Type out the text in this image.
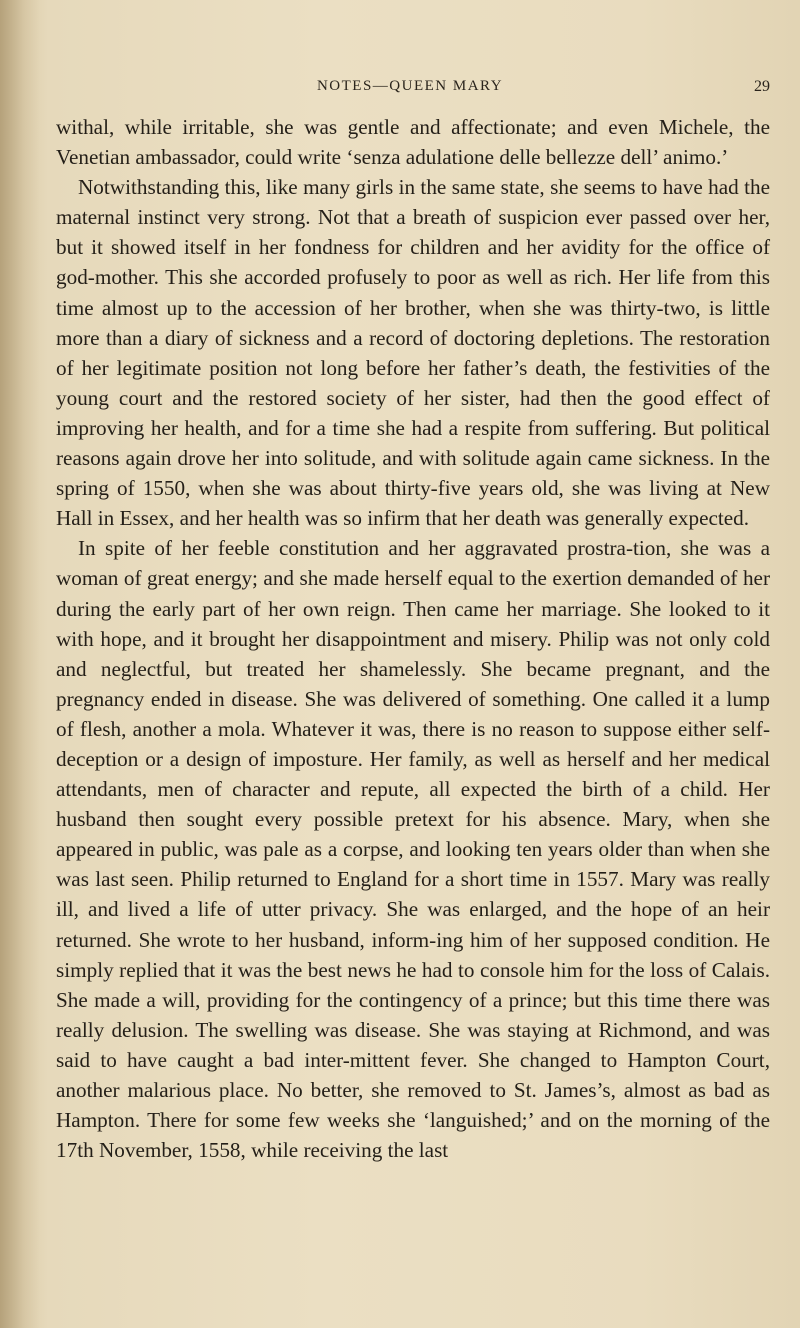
NOTES—QUEEN MARY	29

withal, while irritable, she was gentle and affectionate; and even Michele, the Venetian ambassador, could write ‘senza adulatione delle bellezze dell’ animo.’

Notwithstanding this, like many girls in the same state, she seems to have had the maternal instinct very strong. Not that a breath of suspicion ever passed over her, but it showed itself in her fondness for children and her avidity for the office of god-mother. This she accorded profusely to poor as well as rich. Her life from this time almost up to the accession of her brother, when she was thirty-two, is little more than a diary of sickness and a record of doctoring depletions. The restoration of her legitimate position not long before her father’s death, the festivities of the young court and the restored society of her sister, had then the good effect of improving her health, and for a time she had a respite from suffering. But political reasons again drove her into solitude, and with solitude again came sickness. In the spring of 1550, when she was about thirty-five years old, she was living at New Hall in Essex, and her health was so infirm that her death was generally expected.

In spite of her feeble constitution and her aggravated prostra-tion, she was a woman of great energy; and she made herself equal to the exertion demanded of her during the early part of her own reign. Then came her marriage. She looked to it with hope, and it brought her disappointment and misery. Philip was not only cold and neglectful, but treated her shamelessly. She became pregnant, and the pregnancy ended in disease. She was delivered of something. One called it a lump of flesh, another a mola. Whatever it was, there is no reason to suppose either self-deception or a design of imposture. Her family, as well as herself and her medical attendants, men of character and repute, all expected the birth of a child. Her husband then sought every possible pretext for his absence. Mary, when she appeared in public, was pale as a corpse, and looking ten years older than when she was last seen. Philip returned to England for a short time in 1557. Mary was really ill, and lived a life of utter privacy. She was enlarged, and the hope of an heir returned. She wrote to her husband, inform-ing him of her supposed condition. He simply replied that it was the best news he had to console him for the loss of Calais. She made a will, providing for the contingency of a prince; but this time there was really delusion. The swelling was disease. She was staying at Richmond, and was said to have caught a bad inter-mittent fever. She changed to Hampton Court, another malarious place. No better, she removed to St. James’s, almost as bad as Hampton. There for some few weeks she ‘languished;’ and on the morning of the 17th November, 1558, while receiving the last
